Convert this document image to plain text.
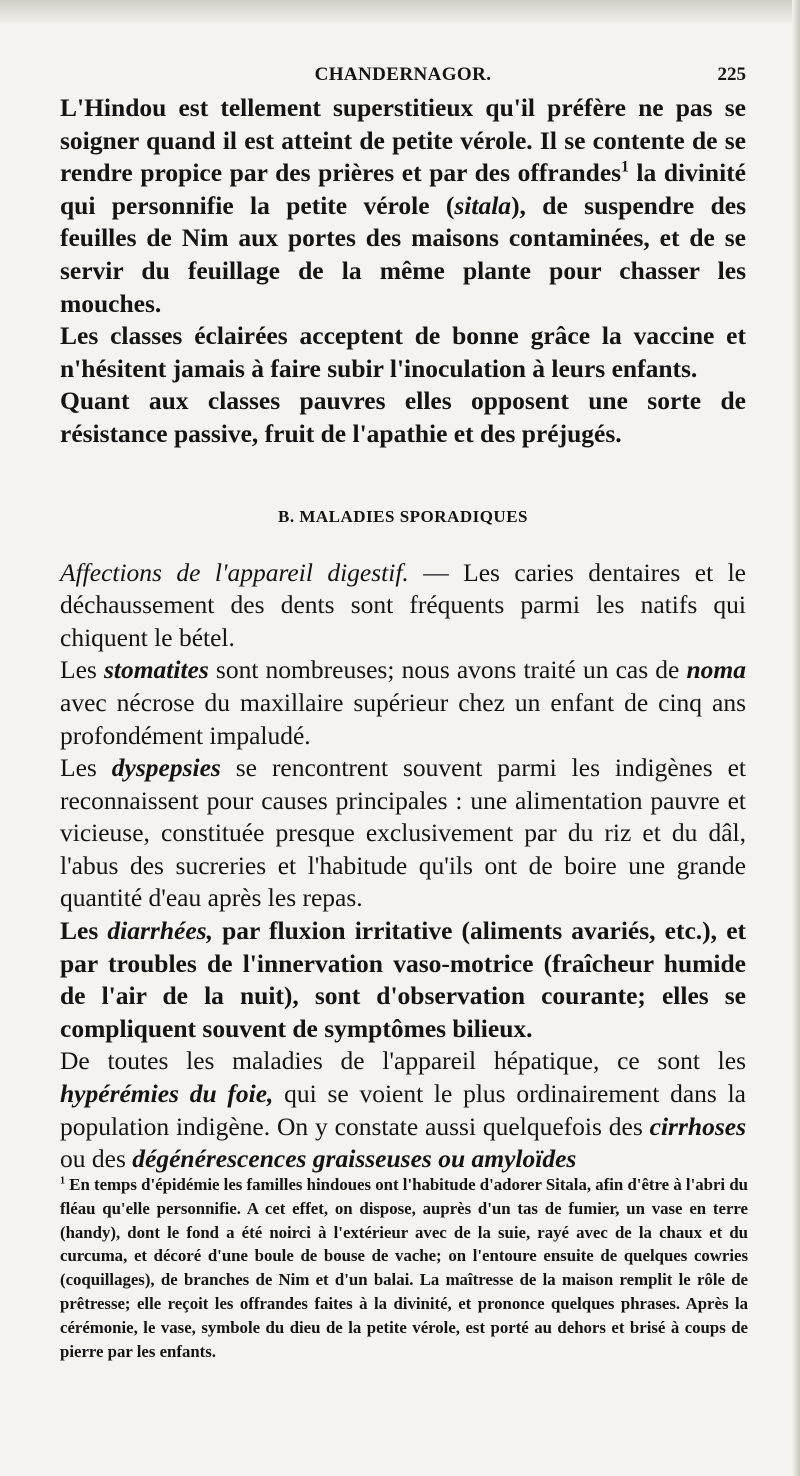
CHANDERNAGOR.	225

L'Hindou est tellement superstitieux qu'il préfère ne pas se soigner quand il est atteint de petite vérole. Il se contente de se rendre propice par des prières et par des offrandes$^1$ la divinité qui personnifie la petite vérole (sitala), de suspendre des feuilles de Nim aux portes des maisons contaminées, et de se servir du feuillage de la même plante pour chasser les mouches.

Les classes éclairées acceptent de bonne grâce la vaccine et n'hésitent jamais à faire subir l'inoculation à leurs enfants.

Quant aux classes pauvres elles opposent une sorte de résistance passive, fruit de l'apathie et des préjugés.

B. MALADIES SPORADIQUES

Affections de l'appareil digestif. — Les caries dentaires et le déchaussement des dents sont fréquents parmi les natifs qui chiquent le bétel.

Les stomatites sont nombreuses; nous avons traité un cas de noma avec nécrose du maxillaire supérieur chez un enfant de cinq ans profondément impaludé.

Les dyspepsies se rencontrent souvent parmi les indigènes et reconnaissent pour causes principales : une alimentation pauvre et vicieuse, constituée presque exclusivement par du riz et du dâl, l'abus des sucreries et l'habitude qu'ils ont de boire une grande quantité d'eau après les repas.

Les diarrhées, par fluxion irritative (aliments avariés, etc.), et par troubles de l'innervation vaso-motrice (fraîcheur humide de l'air de la nuit), sont d'observation courante; elles se compliquent souvent de symptômes bilieux.

De toutes les maladies de l'appareil hépatique, ce sont les hypérémies du foie, qui se voient le plus ordinairement dans la population indigène. On y constate aussi quelquefois des cirrhoses ou des dégénérescences graisseuses ou amyloïdes

$^1$ En temps d'épidémie les familles hindoues ont l'habitude d'adorer Sitala, afin d'être à l'abri du fléau qu'elle personnifie. A cet effet, on dispose, auprès d'un tas de fumier, un vase en terre (handy), dont le fond a été noirci à l'extérieur avec de la suie, rayé avec de la chaux et du curcuma, et décoré d'une boule de bouse de vache; on l'entoure ensuite de quelques cowries (coquillages), de branches de Nim et d'un balai. La maîtresse de la maison remplit le rôle de prêtresse; elle reçoit les offrandes faites à la divinité, et prononce quelques phrases. Après la cérémonie, le vase, symbole du dieu de la petite vérole, est porté au dehors et brisé à coups de pierre par les enfants.
